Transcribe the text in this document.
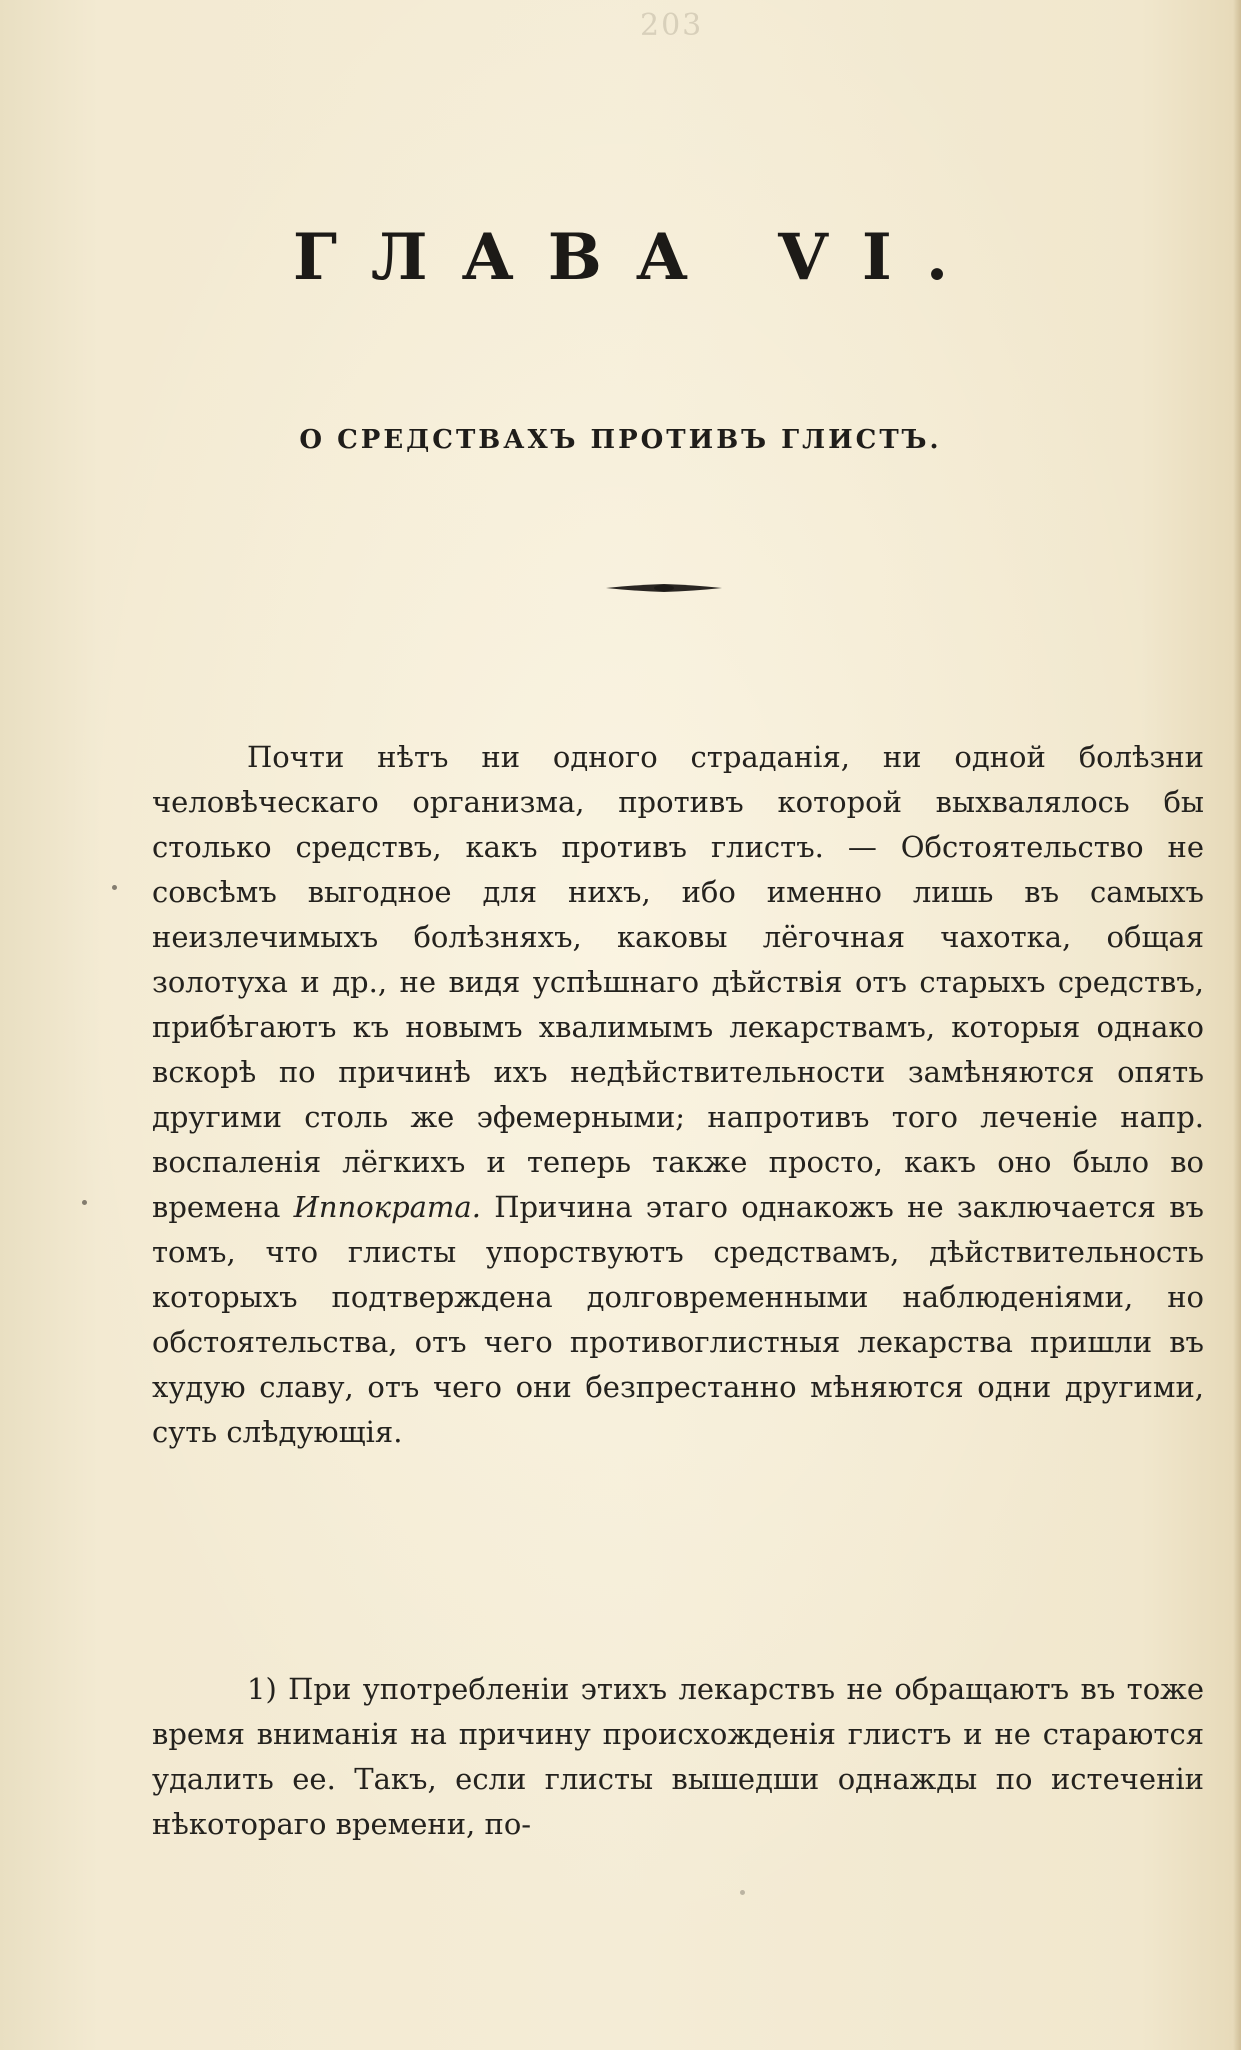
203
ГЛАВА VI.
О СРЕДСТВАХЪ ПРОТИВЪ ГЛИСТЪ.

Почти нѣтъ ни одного страданія, ни одной болѣзни человѣческаго организма, противъ которой выхвалялось бы столько средствъ, какъ противъ глистъ. — Обстоятельство не совсѣмъ выгодное для нихъ, ибо именно лишь въ самыхъ неизлечимыхъ болѣзняхъ, каковы лёгочная чахотка, общая золотуха и др., не видя успѣшнаго дѣйствія отъ старыхъ средствъ, прибѣгаютъ къ новымъ хвалимымъ лекарствамъ, которыя однако вскорѣ по причинѣ ихъ недѣйствительности замѣняются опять другими столь же эфемерными; напротивъ того леченіе напр. воспаленія лёгкихъ и теперь также просто, какъ оно было во времена Иппократа. Причина этаго однакожъ не заключается въ томъ, что глисты упорствуютъ средствамъ, дѣйствительность которыхъ подтверждена долговременными наблюденіями, но обстоятельства, отъ чего противоглистныя лекарства пришли въ худую славу, отъ чего они безпрестанно мѣняются одни другими, суть слѣдующія.

1) При употребленіи этихъ лекарствъ не обращаютъ въ тоже время вниманія на причину происхожденія глистъ и не стараются удалить ее. Такъ, если глисты вышедши однажды по истеченіи нѣкотораго времени, по-
